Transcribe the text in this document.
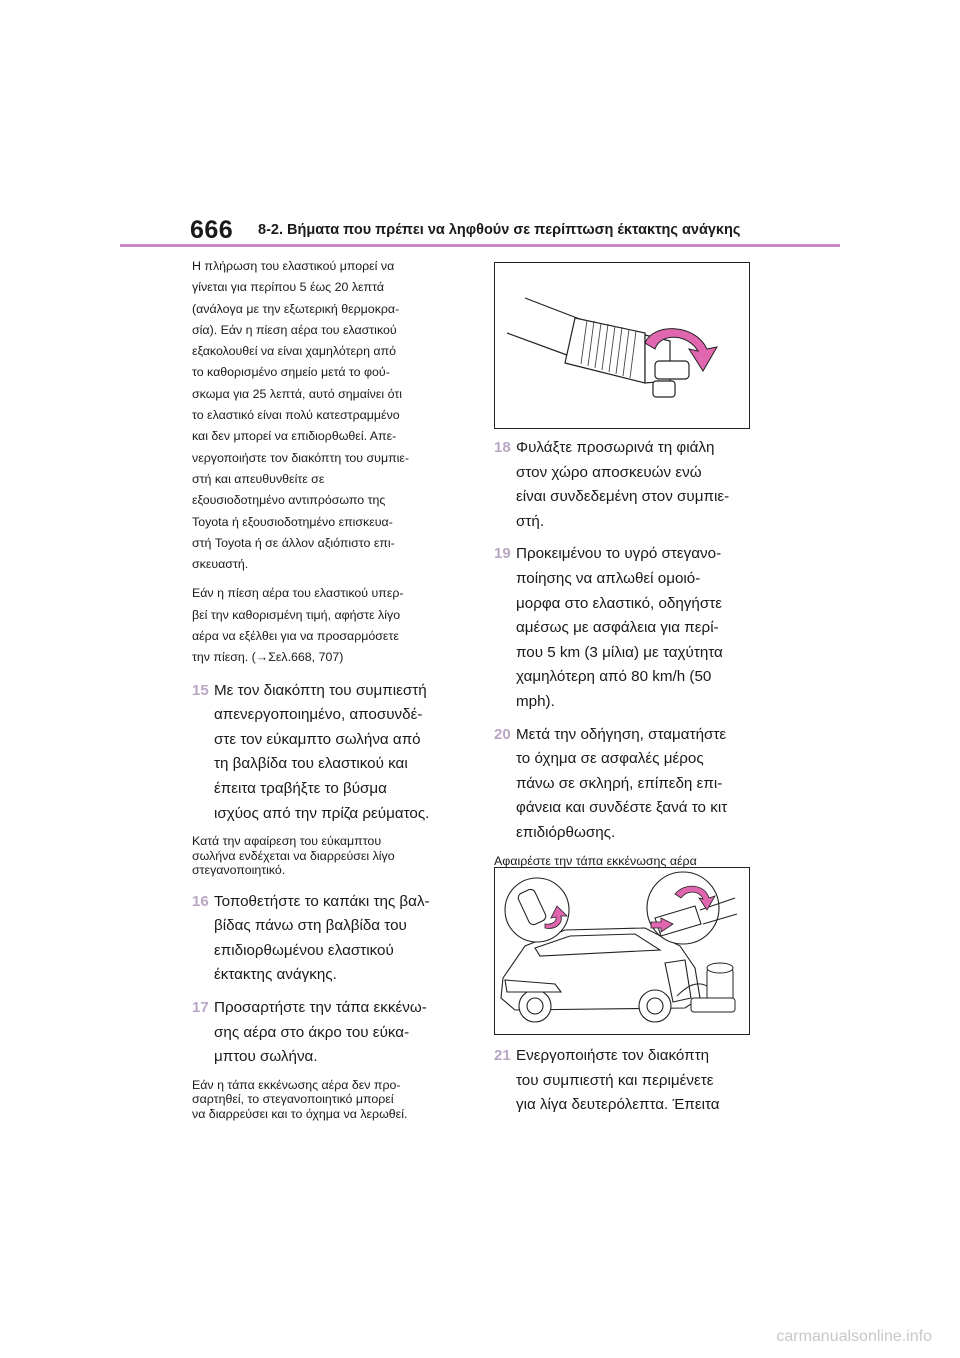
666 8-2. Βήματα που πρέπει να ληφθούν σε περίπτωση έκτακτης ανάγκης

Η πλήρωση του ελαστικού μπορεί να
γίνεται για περίπου 5 έως 20 λεπτά
(ανάλογα με την εξωτερική θερμοκρα-
σία). Εάν η πίεση αέρα του ελαστικού
εξακολουθεί να είναι χαμηλότερη από
το καθορισμένο σημείο μετά το φού-
σκωμα για 25 λεπτά, αυτό σημαίνει ότι
το ελαστικό είναι πολύ κατεστραμμένο
και δεν μπορεί να επιδιορθωθεί. Απε-
νεργοποιήστε τον διακόπτη του συμπιε-
στή και απευθυνθείτε σε
εξουσιοδοτημένο αντιπρόσωπο της
Toyota ή εξουσιοδοτημένο επισκευα-
στή Toyota ή σε άλλον αξιόπιστο επι-
σκευαστή.

Εάν η πίεση αέρα του ελαστικού υπερ-
βεί την καθορισμένη τιμή, αφήστε λίγο
αέρα να εξέλθει για να προσαρμόσετε
την πίεση. (→Σελ.668, 707)

15 Με τον διακόπτη του συμπιεστή
απενεργοποιημένο, αποσυνδέ-
στε τον εύκαμπτο σωλήνα από
τη βαλβίδα του ελαστικού και
έπειτα τραβήξτε το βύσμα
ισχύος από την πρίζα ρεύματος.

Κατά την αφαίρεση του εύκαμπτου
σωλήνα ενδέχεται να διαρρεύσει λίγο
στεγανοποιητικό.

16 Τοποθετήστε το καπάκι της βαλ-
βίδας πάνω στη βαλβίδα του
επιδιορθωμένου ελαστικού
έκτακτης ανάγκης.
17 Προσαρτήστε την τάπα εκκένω-
σης αέρα στο άκρο του εύκα-
μπτου σωλήνα.

Εάν η τάπα εκκένωσης αέρα δεν προ-
σαρτηθεί, το στεγανοποιητικό μπορεί
να διαρρεύσει και το όχημα να λερωθεί.

18 Φυλάξτε προσωρινά τη φιάλη
στον χώρο αποσκευών ενώ
είναι συνδεδεμένη στον συμπιε-
στή.
19 Προκειμένου το υγρό στεγανο-
ποίησης να απλωθεί ομοιό-
μορφα στο ελαστικό, οδηγήστε
αμέσως με ασφάλεια για περί-
που 5 km (3 μίλια) με ταχύτητα
χαμηλότερη από 80 km/h (50
mph).
20 Μετά την οδήγηση, σταματήστε
το όχημα σε ασφαλές μέρος
πάνω σε σκληρή, επίπεδη επι-
φάνεια και συνδέστε ξανά το κιτ
επιδιόρθωσης.

Αφαιρέστε την τάπα εκκένωσης αέρα

21 Ενεργοποιήστε τον διακόπτη
του συμπιεστή και περιμένετε
για λίγα δευτερόλεπτα. Έπειτα
carmanualsonline.info
